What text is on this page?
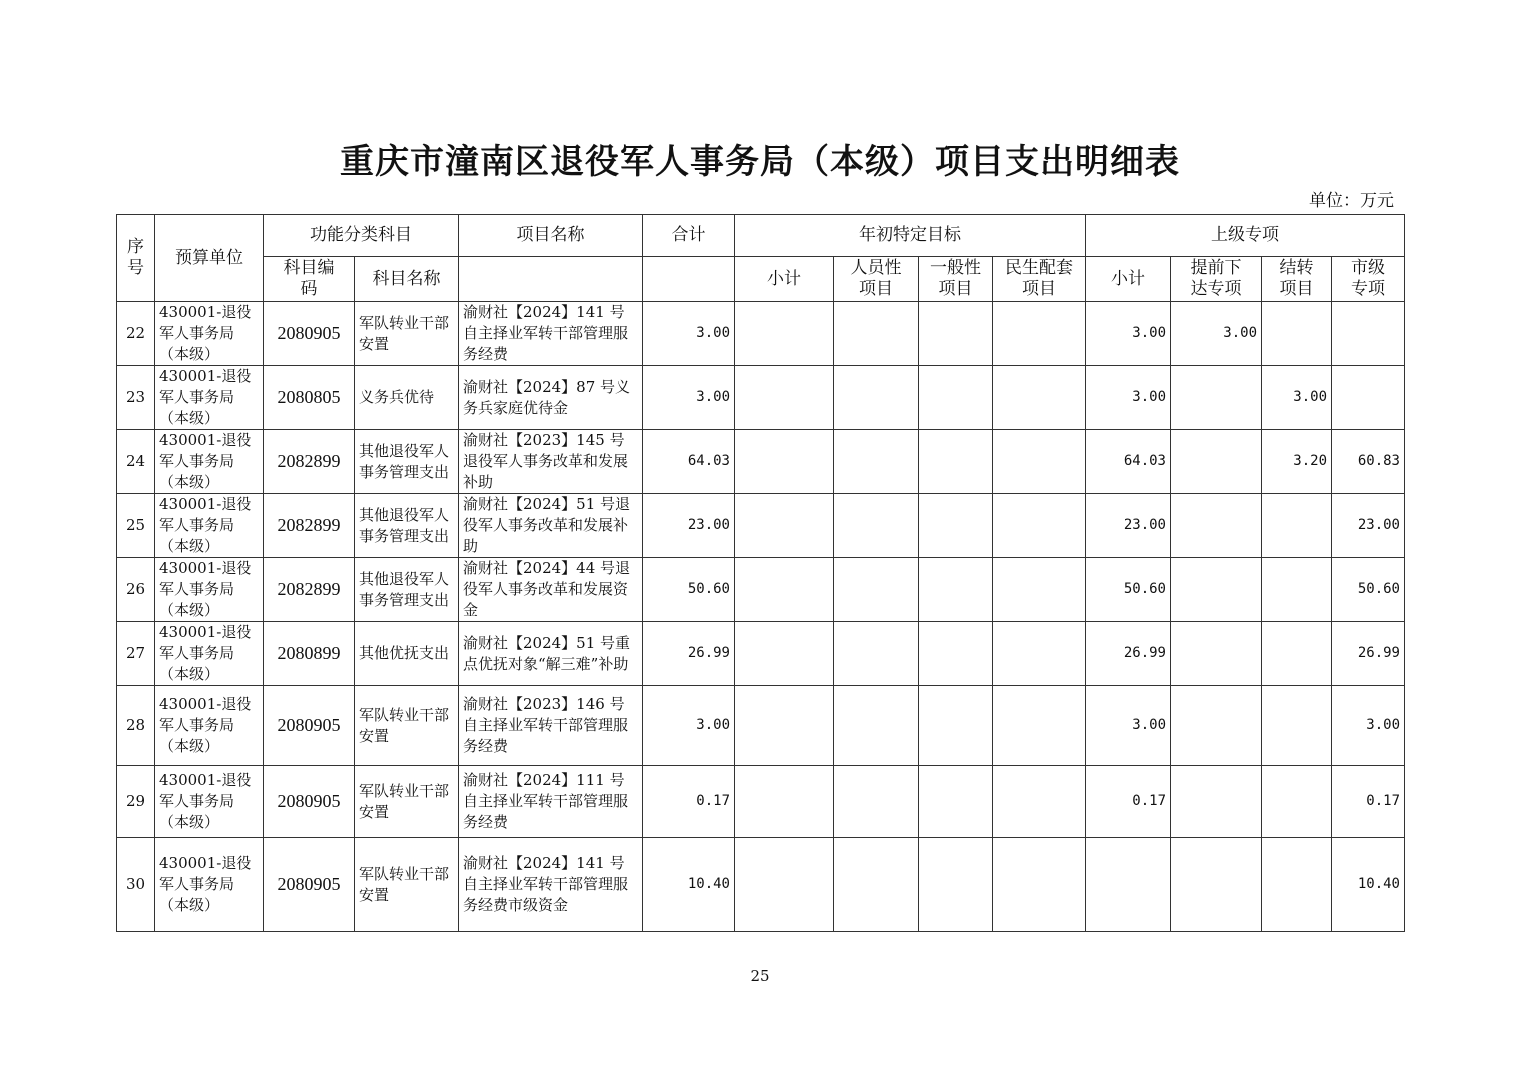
重庆市潼南区退役军人事务局（本级）项目支出明细表
单位：万元
序号	预算单位	功能分类科目		项目名称	合计	年初特定目标				上级专项			
		科目编码	科目名称			小计	人员性项目	一般性项目	民生配套项目	小计	提前下达专项	结转项目	市级专项
22	430001-退役军人事务局（本级）	2080905	军队转业干部安置	渝财社【2024】141 号自主择业军转干部管理服务经费	3.00					3.00	3.00		
23	430001-退役军人事务局（本级）	2080805	义务兵优待	渝财社【2024】87 号义务兵家庭优待金	3.00					3.00		3.00	
24	430001-退役军人事务局（本级）	2082899	其他退役军人事务管理支出	渝财社【2023】145 号退役军人事务改革和发展补助	64.03					64.03		3.20	60.83
25	430001-退役军人事务局（本级）	2082899	其他退役军人事务管理支出	渝财社【2024】51 号退役军人事务改革和发展补助	23.00					23.00			23.00
26	430001-退役军人事务局（本级）	2082899	其他退役军人事务管理支出	渝财社【2024】44 号退役军人事务改革和发展资金	50.60					50.60			50.60
27	430001-退役军人事务局（本级）	2080899	其他优抚支出	渝财社【2024】51 号重点优抚对象“解三难”补助	26.99					26.99			26.99
28	430001-退役军人事务局（本级）	2080905	军队转业干部安置	渝财社【2023】146 号自主择业军转干部管理服务经费	3.00					3.00			3.00
29	430001-退役军人事务局（本级）	2080905	军队转业干部安置	渝财社【2024】111 号自主择业军转干部管理服务经费	0.17					0.17			0.17
30	430001-退役军人事务局（本级）	2080905	军队转业干部安置	渝财社【2024】141 号自主择业军转干部管理服务经费市级资金	10.40								10.40
25
